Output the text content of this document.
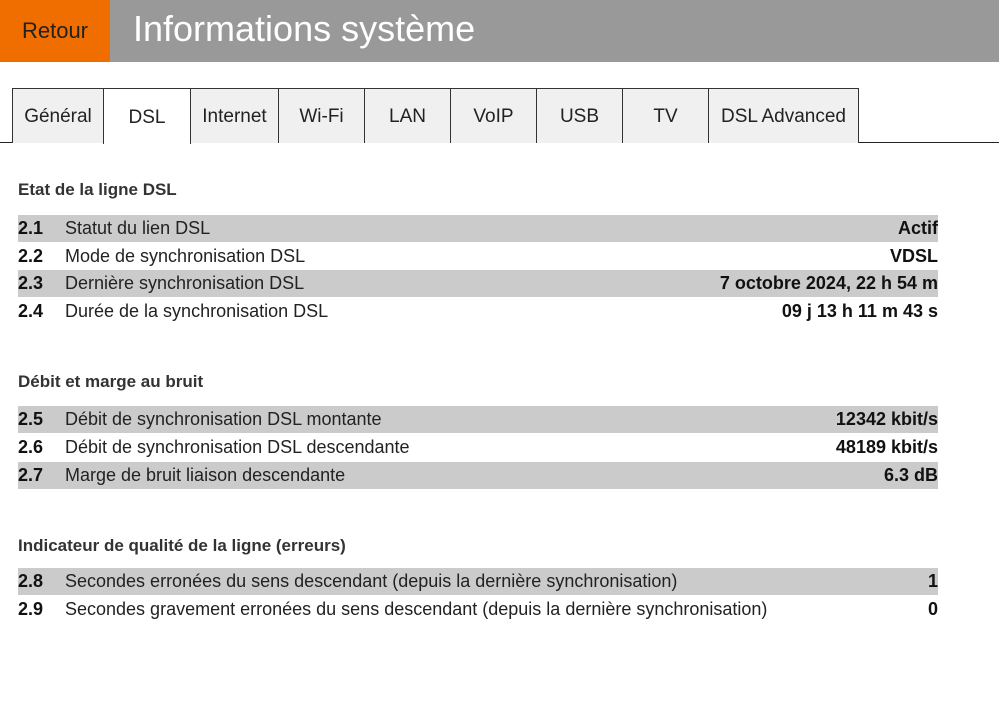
Retour	Informations système
Général	DSL	Internet	Wi-Fi	LAN	VoIP	USB	TV	DSL Advanced
Etat de la ligne DSL
2.1	Statut du lien DSL	Actif
2.2	Mode de synchronisation DSL	VDSL
2.3	Dernière synchronisation DSL	7 octobre 2024, 22 h 54 m
2.4	Durée de la synchronisation DSL	09 j 13 h 11 m 43 s
Débit et marge au bruit
2.5	Débit de synchronisation DSL montante	12342 kbit/s
2.6	Débit de synchronisation DSL descendante	48189 kbit/s
2.7	Marge de bruit liaison descendante	6.3 dB
Indicateur de qualité de la ligne (erreurs)
2.8	Secondes erronées du sens descendant (depuis la dernière synchronisation)	1
2.9	Secondes gravement erronées du sens descendant (depuis la dernière synchronisation)	0
